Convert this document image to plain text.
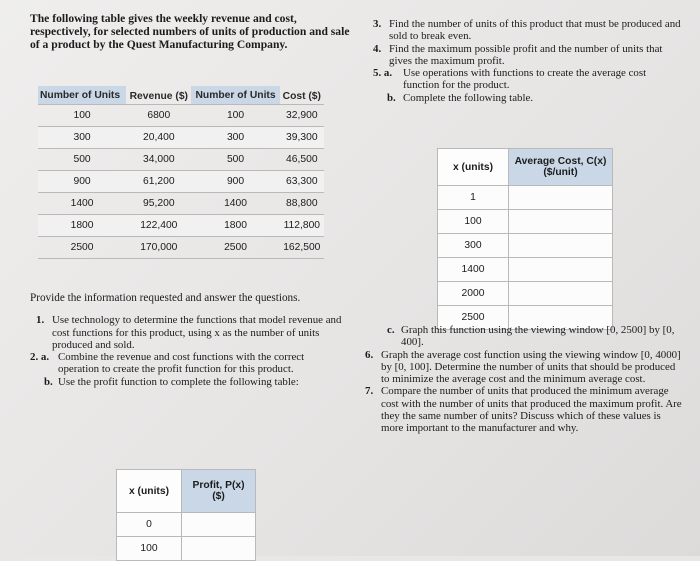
The following table gives the weekly revenue and cost, respectively, for selected numbers of units of production and sale of a product by the Quest Manufacturing Company.

Number of Units	Revenue ($)	Number of Units	Cost ($)
100	6800	100	32,900
300	20,400	300	39,300
500	34,000	500	46,500
900	61,200	900	63,300
1400	95,200	1400	88,800
1800	122,400	1800	112,800
2500	170,000	2500	162,500

Provide the information requested and answer the questions.

1. Use technology to determine the functions that model revenue and cost functions for this product, using x as the number of units produced and sold.
2. a. Combine the revenue and cost functions with the correct operation to create the profit function for this product.
b. Use the profit function to complete the following table:
x (units)	Profit, P(x) ($)
0	
100	
3. Find the number of units of this product that must be produced and sold to break even.
4. Find the maximum possible profit and the number of units that gives the maximum profit.
5. a.	Use operations with functions to create the average cost function for the product.
b. Complete the following table.
x (units)	Average Cost, C(x) ($/unit)
1	
100	
300	
1400	
2000	
2500	
c. Graph this function using the viewing window [0, 2500] by [0, 400].
6. Graph the average cost function using the viewing window [0, 4000] by [0, 100]. Determine the number of units that should be produced to minimize the average cost and the minimum average cost.
7. Compare the number of units that produced the minimum average cost with the number of units that produced the maximum profit. Are they the same number of units? Discuss which of these values is more important to the manufacturer and why.
